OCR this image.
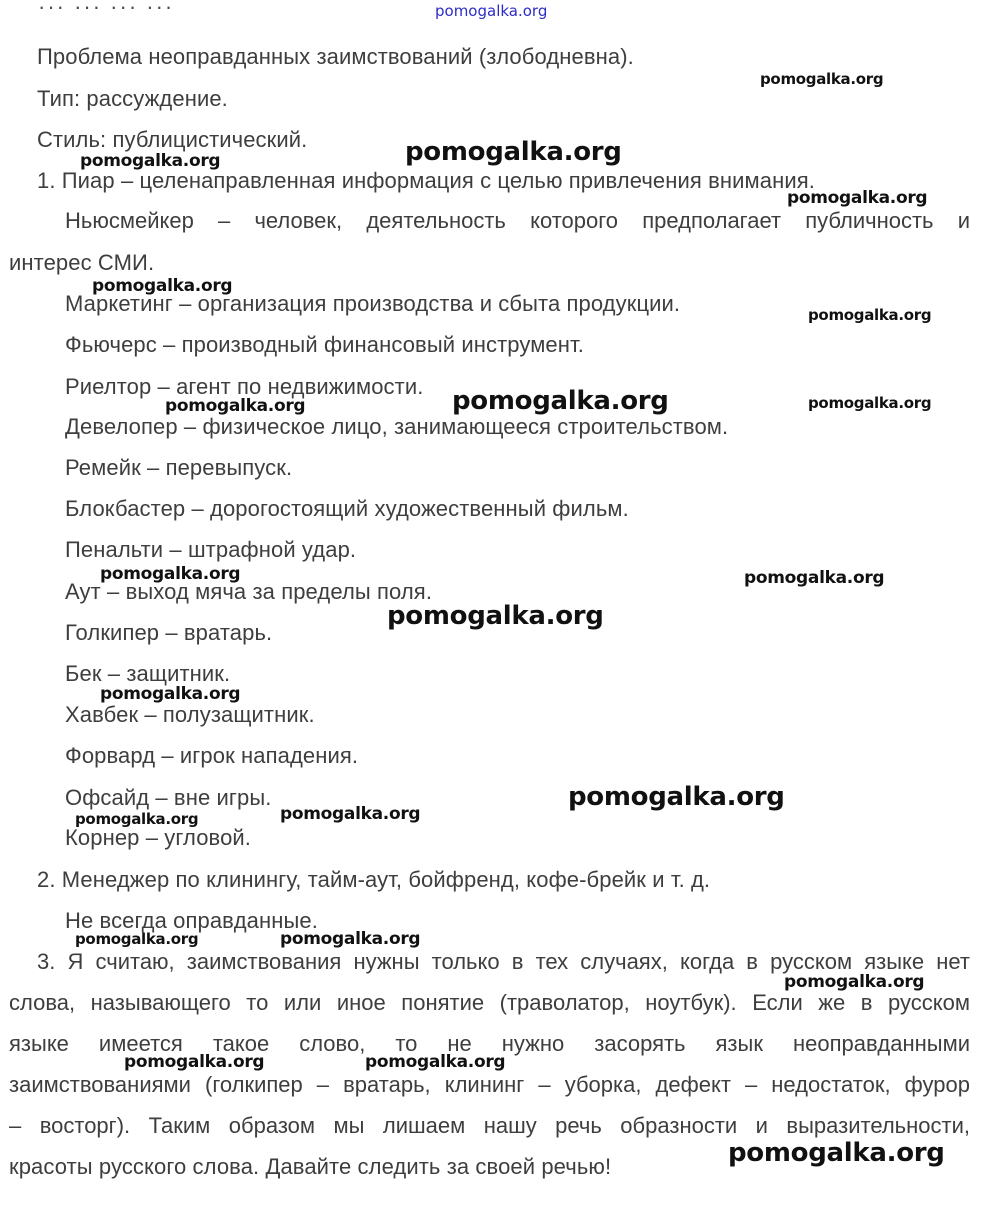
··· ··· ··· ···
Проблема неоправданных заимствований (злободневна).
Тип: рассуждение.
Стиль: публицистический.
1. Пиар – целенаправленная информация с целью привлечения внимания.
Ньюсмейкер – человек, деятельность которого предполагает публичность и
интерес СМИ.
Маркетинг – организация производства и сбыта продукции.
Фьючерс – производный финансовый инструмент.
Риелтор – агент по недвижимости.
Девелопер – физическое лицо, занимающееся строительством.
Ремейк – перевыпуск.
Блокбастер – дорогостоящий художественный фильм.
Пенальти – штрафной удар.
Аут – выход мяча за пределы поля.
Голкипер – вратарь.
Бек – защитник.
Хавбек – полузащитник.
Форвард – игрок нападения.
Офсайд – вне игры.
Корнер – угловой.
2. Менеджер по клинингу, тайм-аут, бойфренд, кофе-брейк и т. д.
Не всегда оправданные.
3. Я считаю, заимствования нужны только в тех случаях, когда в русском языке нет
слова, называющего то или иное понятие (траволатор, ноутбук). Если же в русском
языке имеется такое слово, то не нужно засорять язык неоправданными
заимствованиями (голкипер – вратарь, клининг – уборка, дефект – недостаток, фурор
– восторг). Таким образом мы лишаем нашу речь образности и выразительности,
красоты русского слова. Давайте следить за своей речью!
pomogalka.org
pomogalka.org
pomogalka.org	pomogalka.org
pomogalka.org
pomogalka.org
pomogalka.org
pomogalka.org	pomogalka.org	pomogalka.org
pomogalka.org	pomogalka.org
pomogalka.org
pomogalka.org
pomogalka.org
pomogalka.org	pomogalka.org
pomogalka.org	pomogalka.org
pomogalka.org
pomogalka.org	pomogalka.org
pomogalka.org
